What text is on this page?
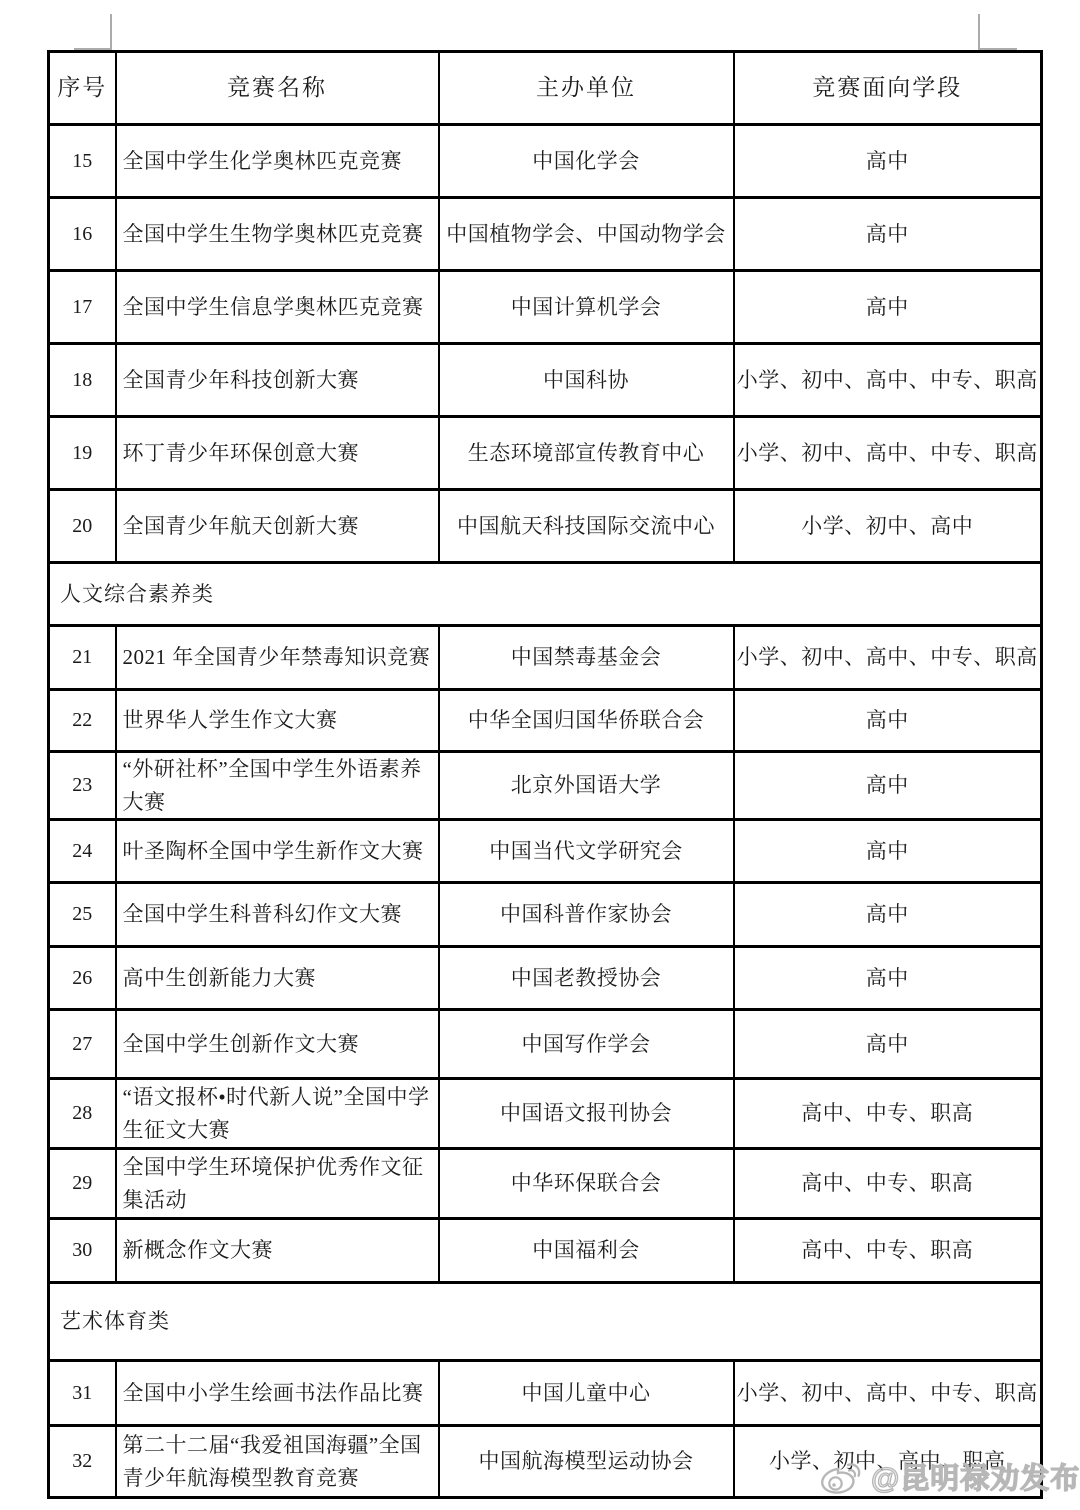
序号	竞赛名称	主办单位	竞赛面向学段
15	全国中学生化学奥林匹克竞赛	中国化学会	高中
16	全国中学生生物学奥林匹克竞赛	中国植物学会、中国动物学会	高中
17	全国中学生信息学奥林匹克竞赛	中国计算机学会	高中
18	全国青少年科技创新大赛	中国科协	小学、初中、高中、中专、职高
19	环丁青少年环保创意大赛	生态环境部宣传教育中心	小学、初中、高中、中专、职高
20	全国青少年航天创新大赛	中国航天科技国际交流中心	小学、初中、高中
人文综合素养类			
21	2021 年全国青少年禁毒知识竞赛	中国禁毒基金会	小学、初中、高中、中专、职高
22	世界华人学生作文大赛	中华全国归国华侨联合会	高中
23	“外研社杯”全国中学生外语素养大赛	北京外国语大学	高中
24	叶圣陶杯全国中学生新作文大赛	中国当代文学研究会	高中
25	全国中学生科普科幻作文大赛	中国科普作家协会	高中
26	高中生创新能力大赛	中国老教授协会	高中
27	全国中学生创新作文大赛	中国写作学会	高中
28	“语文报杯•时代新人说”全国中学生征文大赛	中国语文报刊协会	高中、中专、职高
29	全国中学生环境保护优秀作文征集活动	中华环保联合会	高中、中专、职高
30	新概念作文大赛	中国福利会	高中、中专、职高
艺术体育类			
31	全国中小学生绘画书法作品比赛	中国儿童中心	小学、初中、高中、中专、职高
32	第二十二届“我爱祖国海疆”全国青少年航海模型教育竞赛	中国航海模型运动协会	小学、初中、高中、职高
@昆明禄劝发布
